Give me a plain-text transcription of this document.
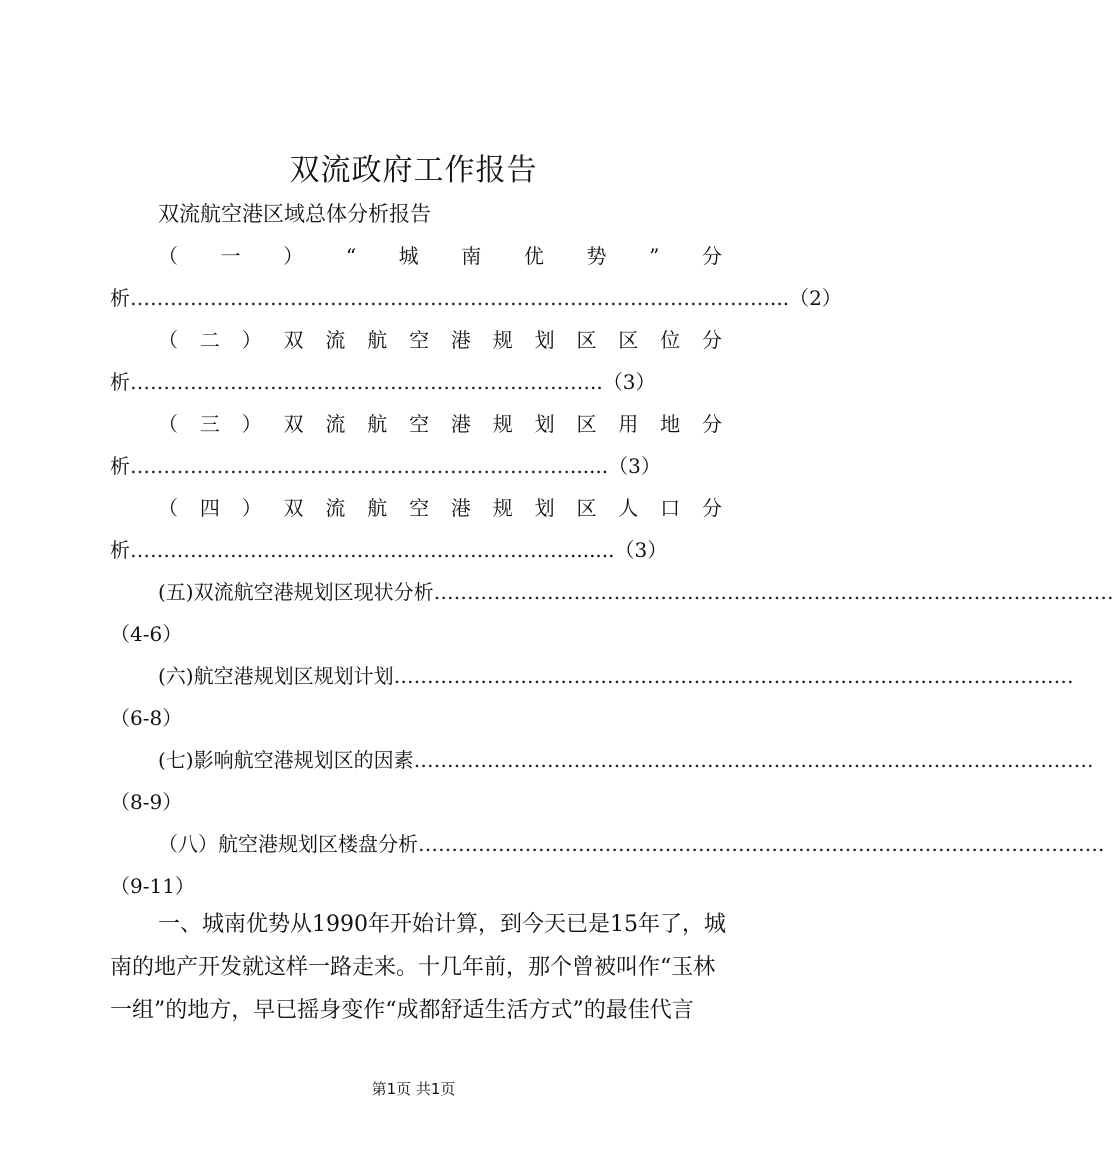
双流政府工作报告
双流航空港区域总体分析报告
（ 一 ） “ 城 南 优 势 ” 分
析 …………………………………………………………………………………… ...（2）
（ 二 ） 双 流 航 空 港 规 划 区 区 位 分
析 …………………………………………………………… ..（3）
（ 三 ） 双 流 航 空 港 规 划 区 用 地 分
析 ………………………………………………………… ......（3）
（ 四 ） 双 流 航 空 港 规 划 区 人 口 分
析 ………………………………………………………… .......（3）
(五)双流航空港规划区现状分析 …………………………………………………………………………………………
（4-6）
(六)航空港规划区规划计划 …………………………………………………………………………………………
（6-8）
(七)影响航空港规划区的因素 …………………………………………………………………………………………
（8-9）
（八）航空港规划区楼盘分析 ………………………………………………………………………………………… .
（9-11）
一、城南优势从1990年开始计算，到今天已是15年了，城
南的地产开发就这样一路走来。十几年前，那个曾被叫作“玉林
一组”的地方，早已摇身变作“成都舒适生活方式”的最佳代言
第1页 共1页
